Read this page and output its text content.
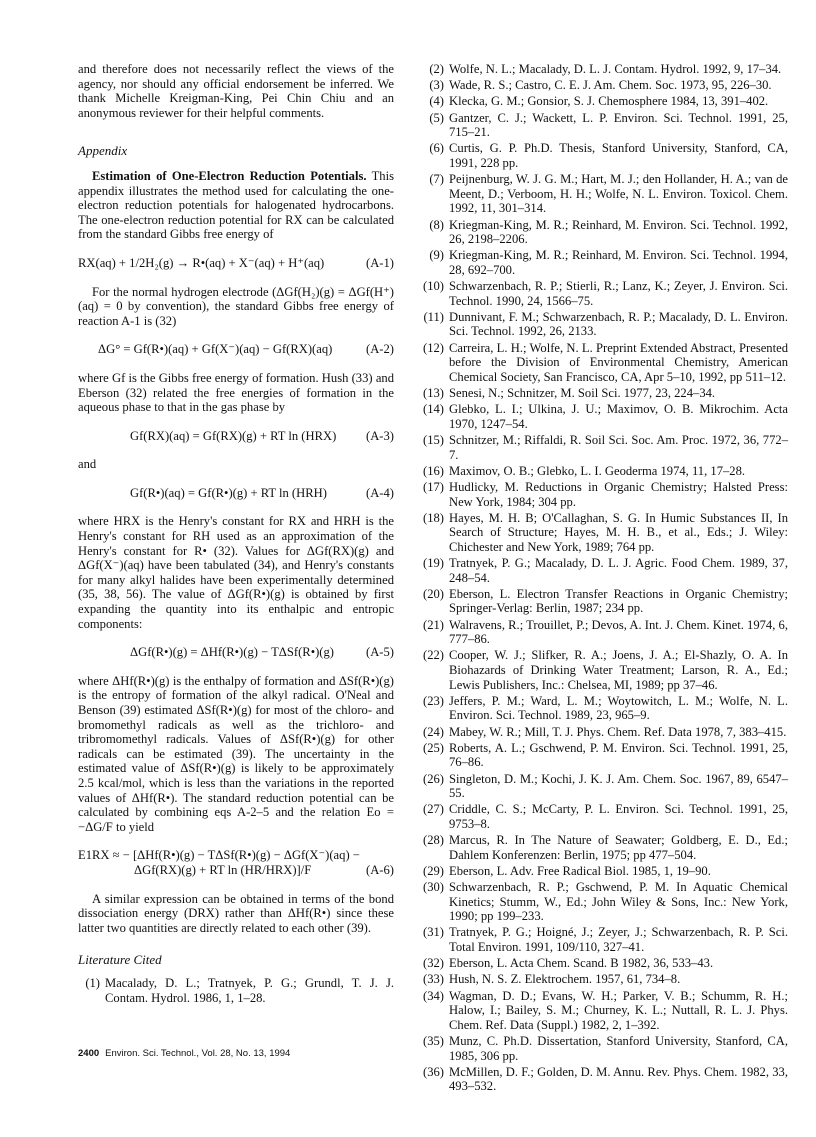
and therefore does not necessarily reflect the views of the agency, nor should any official endorsement be inferred. We thank Michelle Kreigman-King, Pei Chin Chiu and an anonymous reviewer for their helpful comments.

Appendix

Estimation of One-Electron Reduction Potentials. This appendix illustrates the method used for calculating the one-electron reduction potentials for halogenated hydrocarbons. The one-electron reduction potential for RX can be calculated from the standard Gibbs free energy of

RX(aq) + 1/2H₂(g) → R•(aq) + X⁻(aq) + H⁺(aq)	(A-1)

For the normal hydrogen electrode (ΔGf(H₂)(g) = ΔGf(H⁺)(aq) = 0 by convention), the standard Gibbs free energy of reaction A-1 is (32)

ΔG° = Gf(R•)(aq) + Gf(X⁻)(aq) − Gf(RX)(aq)	(A-2)

where Gf is the Gibbs free energy of formation. Hush (33) and Eberson (32) related the free energies of formation in the aqueous phase to that in the gas phase by

Gf(RX)(aq) = Gf(RX)(g) + RT ln (HRX) (A-3)

and

Gf(R•)(aq) = Gf(R•)(g) + RT ln (HRH)	(A-4)

where HRX is the Henry's constant for RX and HRH is the Henry's constant for RH used as an approximation of the Henry's constant for R• (32). Values for ΔGf(RX)(g) and ΔGf(X⁻)(aq) have been tabulated (34), and Henry's constants for many alkyl halides have been experimentally determined (35, 38, 56). The value of ΔGf(R•)(g) is obtained by first expanding the quantity into its enthalpic and entropic components:

ΔGf(R•)(g) = ΔHf(R•)(g) − TΔSf(R•)(g)	(A-5)

where ΔHf(R•)(g) is the enthalpy of formation and ΔSf(R•)(g) is the entropy of formation of the alkyl radical. O'Neal and Benson (39) estimated ΔSf(R•)(g) for most of the chloro- and bromomethyl radicals as well as the trichloro- and tribromomethyl radicals. Values of ΔSf(R•)(g) for other radicals can be estimated (39). The uncertainty in the estimated value of ΔSf(R•)(g) is likely to be approximately 2.5 kcal/mol, which is less than the variations in the reported values of ΔHf(R•). The standard reduction potential can be calculated by combining eqs A-2–5 and the relation Eo = −ΔG/F to yield

E1RX ≈ − [ΔHf(R•)(g) − TΔSf(R•)(g) − ΔGf(X⁻)(aq) −
ΔGf(RX)(g) + RT ln (HR/HRX)]/F	(A-6)

A similar expression can be obtained in terms of the bond dissociation energy (DRX) rather than ΔHf(R•) since these latter two quantities are directly related to each other (39).

Literature Cited
(1) Macalady, D. L.; Tratnyek, P. G.; Grundl, T. J. J. Contam. Hydrol. 1986, 1, 1–28.
(2) Wolfe, N. L.; Macalady, D. L. J. Contam. Hydrol. 1992, 9, 17–34.
(3) Wade, R. S.; Castro, C. E. J. Am. Chem. Soc. 1973, 95, 226–30.
(4) Klecka, G. M.; Gonsior, S. J. Chemosphere 1984, 13, 391–402.
(5) Gantzer, C. J.; Wackett, L. P. Environ. Sci. Technol. 1991, 25, 715–21.
(6) Curtis, G. P. Ph.D. Thesis, Stanford University, Stanford, CA, 1991, 228 pp.
(7) Peijnenburg, W. J. G. M.; Hart, M. J.; den Hollander, H. A.; van de Meent, D.; Verboom, H. H.; Wolfe, N. L. Environ. Toxicol. Chem. 1992, 11, 301–314.
(8) Kriegman-King, M. R.; Reinhard, M. Environ. Sci. Technol. 1992, 26, 2198–2206.
(9) Kriegman-King, M. R.; Reinhard, M. Environ. Sci. Technol. 1994, 28, 692–700.
(10) Schwarzenbach, R. P.; Stierli, R.; Lanz, K.; Zeyer, J. Environ. Sci. Technol. 1990, 24, 1566–75.
(11) Dunnivant, F. M.; Schwarzenbach, R. P.; Macalady, D. L. Environ. Sci. Technol. 1992, 26, 2133.
(12) Carreira, L. H.; Wolfe, N. L. Preprint Extended Abstract, Presented before the Division of Environmental Chemistry, American Chemical Society, San Francisco, CA, Apr 5–10, 1992, pp 511–12.
(13) Senesi, N.; Schnitzer, M. Soil Sci. 1977, 23, 224–34.
(14) Glebko, L. I.; Ulkina, J. U.; Maximov, O. B. Mikrochim. Acta 1970, 1247–54.
(15) Schnitzer, M.; Riffaldi, R. Soil Sci. Soc. Am. Proc. 1972, 36, 772–7.
(16) Maximov, O. B.; Glebko, L. I. Geoderma 1974, 11, 17–28.
(17) Hudlicky, M. Reductions in Organic Chemistry; Halsted Press: New York, 1984; 304 pp.
(18) Hayes, M. H. B; O'Callaghan, S. G. In Humic Substances II, In Search of Structure; Hayes, M. H. B., et al., Eds.; J. Wiley: Chichester and New York, 1989; 764 pp.
(19) Tratnyek, P. G.; Macalady, D. L. J. Agric. Food Chem. 1989, 37, 248–54.
(20) Eberson, L. Electron Transfer Reactions in Organic Chemistry; Springer-Verlag: Berlin, 1987; 234 pp.
(21) Walravens, R.; Trouillet, P.; Devos, A. Int. J. Chem. Kinet. 1974, 6, 777–86.
(22) Cooper, W. J.; Slifker, R. A.; Joens, J. A.; El-Shazly, O. A. In Biohazards of Drinking Water Treatment; Larson, R. A., Ed.; Lewis Publishers, Inc.: Chelsea, MI, 1989; pp 37–46.
(23) Jeffers, P. M.; Ward, L. M.; Woytowitch, L. M.; Wolfe, N. L. Environ. Sci. Technol. 1989, 23, 965–9.
(24) Mabey, W. R.; Mill, T. J. Phys. Chem. Ref. Data 1978, 7, 383–415.
(25) Roberts, A. L.; Gschwend, P. M. Environ. Sci. Technol. 1991, 25, 76–86.
(26) Singleton, D. M.; Kochi, J. K. J. Am. Chem. Soc. 1967, 89, 6547–55.
(27) Criddle, C. S.; McCarty, P. L. Environ. Sci. Technol. 1991, 25, 9753–8.
(28) Marcus, R. In The Nature of Seawater; Goldberg, E. D., Ed.; Dahlem Konferenzen: Berlin, 1975; pp 477–504.
(29) Eberson, L. Adv. Free Radical Biol. 1985, 1, 19–90.
(30) Schwarzenbach, R. P.; Gschwend, P. M. In Aquatic Chemical Kinetics; Stumm, W., Ed.; John Wiley & Sons, Inc.: New York, 1990; pp 199–233.
(31) Tratnyek, P. G.; Hoigné, J.; Zeyer, J.; Schwarzenbach, R. P. Sci. Total Environ. 1991, 109/110, 327–41.
(32) Eberson, L. Acta Chem. Scand. B 1982, 36, 533–43.
(33) Hush, N. S. Z. Elektrochem. 1957, 61, 734–8.
(34) Wagman, D. D.; Evans, W. H.; Parker, V. B.; Schumm, R. H.; Halow, I.; Bailey, S. M.; Churney, K. L.; Nuttall, R. L. J. Phys. Chem. Ref. Data (Suppl.) 1982, 2, 1–392.
(35) Munz, C. Ph.D. Dissertation, Stanford University, Stanford, CA, 1985, 306 pp.
(36) McMillen, D. F.; Golden, D. M. Annu. Rev. Phys. Chem. 1982, 33, 493–532.
2400 Environ. Sci. Technol., Vol. 28, No. 13, 1994
